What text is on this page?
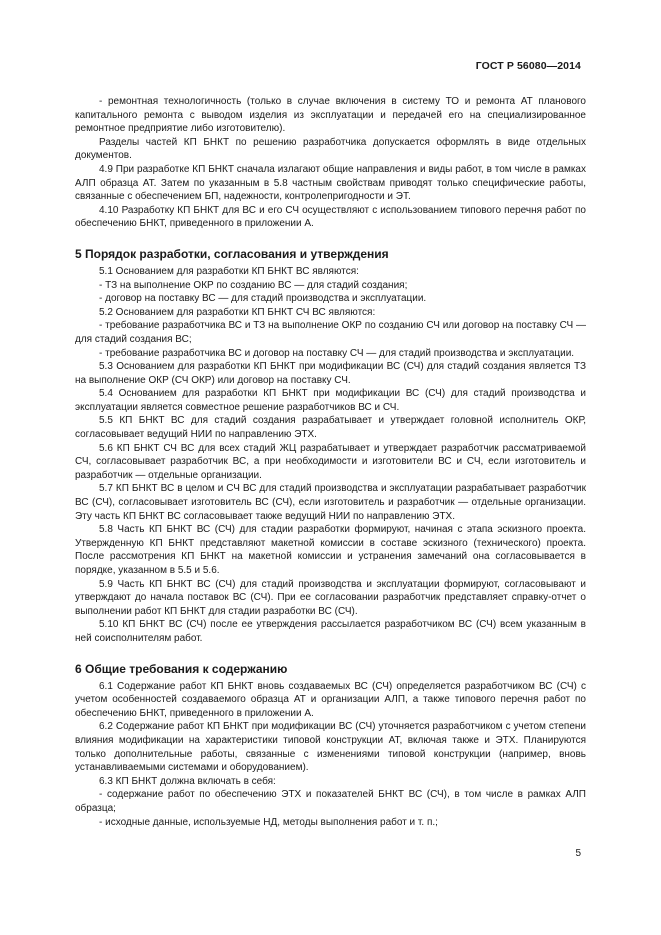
ГОСТ Р 56080—2014

- ремонтная технологичность (только в случае включения в систему ТО и ремонта АТ планового капитального ремонта с выводом изделия из эксплуатации и передачей его на специализированное ремонтное предприятие либо изготовителю).

Разделы частей КП БНКТ по решению разработчика допускается оформлять в виде отдельных документов.

4.9 При разработке КП БНКТ сначала излагают общие направления и виды работ, в том числе в рамках АЛП образца АТ. Затем по указанным в 5.8 частным свойствам приводят только специфические работы, связанные с обеспечением БП, надежности, контролепригодности и ЭТ.

4.10 Разработку КП БНКТ для ВС и его СЧ осуществляют с использованием типового перечня работ по обеспечению БНКТ, приведенного в приложении А.

5 Порядок разработки, согласования и утверждения

5.1 Основанием для разработки КП БНКТ ВС являются:

- ТЗ на выполнение ОКР по созданию ВС — для стадий создания;

- договор на поставку ВС — для стадий производства и эксплуатации.

5.2 Основанием для разработки КП БНКТ СЧ ВС являются:

- требование разработчика ВС и ТЗ на выполнение ОКР по созданию СЧ или договор на поставку СЧ — для стадий создания ВС;

- требование разработчика ВС и договор на поставку СЧ — для стадий производства и эксплуатации.

5.3 Основанием для разработки КП БНКТ при модификации ВС (СЧ) для стадий создания является ТЗ на выполнение ОКР (СЧ ОКР) или договор на поставку СЧ.

5.4 Основанием для разработки КП БНКТ при модификации ВС (СЧ) для стадий производства и эксплуатации является совместное решение разработчиков ВС и СЧ.

5.5 КП БНКТ ВС для стадий создания разрабатывает и утверждает головной исполнитель ОКР, согласовывает ведущий НИИ по направлению ЭТХ.

5.6 КП БНКТ СЧ ВС для всех стадий ЖЦ разрабатывает и утверждает разработчик рассматриваемой СЧ, согласовывает разработчик ВС, а при необходимости и изготовители ВС и СЧ, если изготовитель и разработчик — отдельные организации.

5.7 КП БНКТ ВС в целом и СЧ ВС для стадий производства и эксплуатации разрабатывает разработчик ВС (СЧ), согласовывает изготовитель ВС (СЧ), если изготовитель и разработчик — отдельные организации. Эту часть КП БНКТ ВС согласовывает также ведущий НИИ по направлению ЭТХ.

5.8 Часть КП БНКТ ВС (СЧ) для стадии разработки формируют, начиная с этапа эскизного проекта. Утвержденную КП БНКТ представляют макетной комиссии в составе эскизного (технического) проекта. После рассмотрения КП БНКТ на макетной комиссии и устранения замечаний она согласовывается в порядке, указанном в 5.5 и 5.6.

5.9 Часть КП БНКТ ВС (СЧ) для стадий производства и эксплуатации формируют, согласовывают и утверждают до начала поставок ВС (СЧ). При ее согласовании разработчик представляет справку-отчет о выполнении работ КП БНКТ для стадии разработки ВС (СЧ).

5.10 КП БНКТ ВС (СЧ) после ее утверждения рассылается разработчиком ВС (СЧ) всем указанным в ней соисполнителям работ.

6 Общие требования к содержанию

6.1 Содержание работ КП БНКТ вновь создаваемых ВС (СЧ) определяется разработчиком ВС (СЧ) с учетом особенностей создаваемого образца АТ и организации АЛП, а также типового перечня работ по обеспечению БНКТ, приведенного в приложении А.

6.2 Содержание работ КП БНКТ при модификации ВС (СЧ) уточняется разработчиком с учетом степени влияния модификации на характеристики типовой конструкции АТ, включая также и ЭТХ. Планируются только дополнительные работы, связанные с изменениями типовой конструкции (например, вновь устанавливаемыми системами и оборудованием).

6.3 КП БНКТ должна включать в себя:

- содержание работ по обеспечению ЭТХ и показателей БНКТ ВС (СЧ), в том числе в рамках АЛП образца;

- исходные данные, используемые НД, методы выполнения работ и т. п.;

5
